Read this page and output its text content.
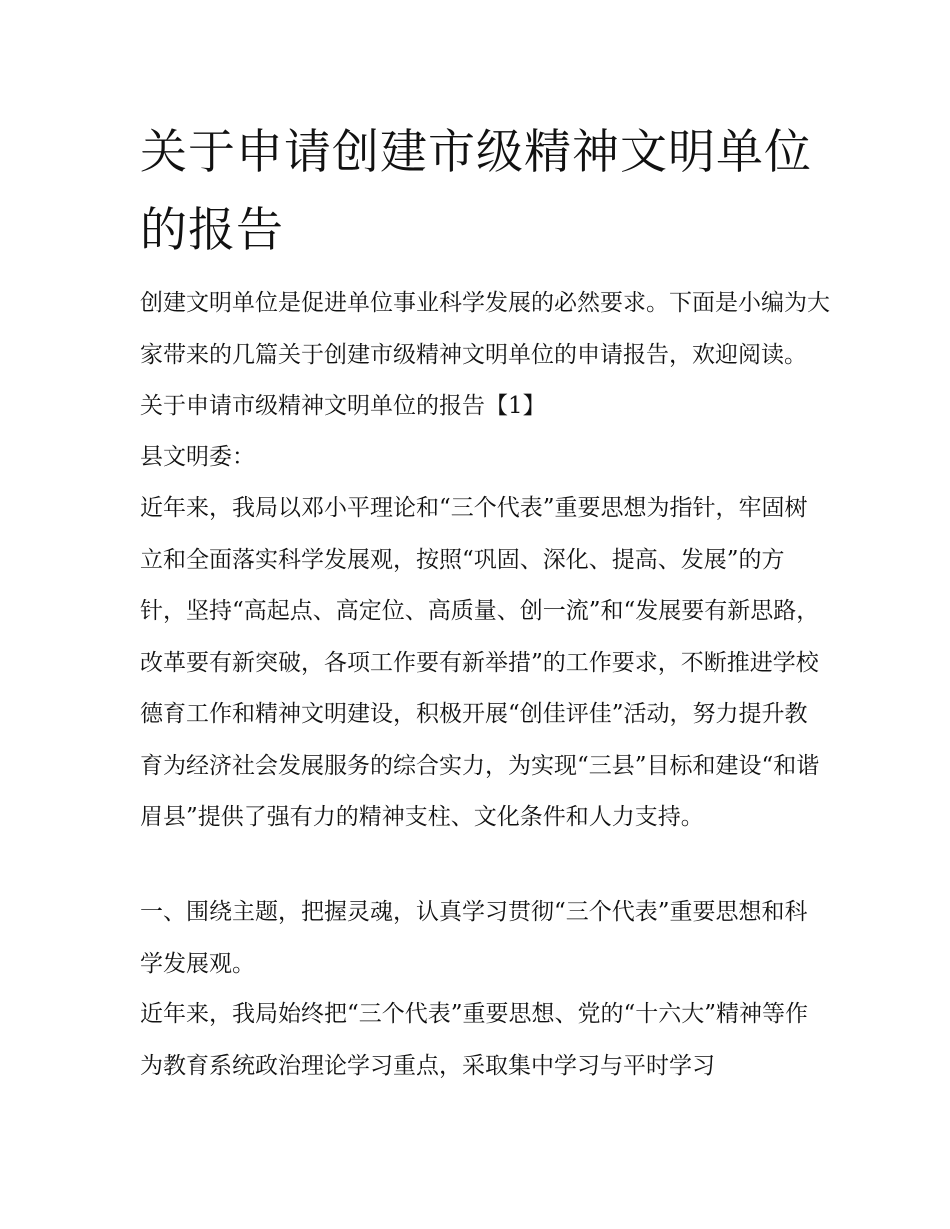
关于申请创建市级精神文明单位的报告

创建文明单位是促进单位事业科学发展的必然要求。下面是小编为大家带来的几篇关于创建市级精神文明单位的申请报告，欢迎阅读。 关于申请市级精神文明单位的报告【1】

县文明委：

近年来，我局以邓小平理论和“三个代表”重要思想为指针，牢固树立和全面落实科学发展观，按照“巩固、深化、提高、发展”的方针，坚持“高起点、高定位、高质量、创一流”和“发展要有新思路，改革要有新突破，各项工作要有新举措”的工作要求，不断推进学校德育工作和精神文明建设，积极开展“创佳评佳”活动，努力提升教育为经济社会发展服务的综合实力，为实现“三县”目标和建设“和谐眉县”提供了强有力的精神支柱、文化条件和人力支持。

一、围绕主题，把握灵魂，认真学习贯彻“三个代表”重要思想和科学发展观。

近年来，我局始终把“三个代表”重要思想、党的“十六大”精神等作为教育系统政治理论学习重点，采取集中学习与平时学习
